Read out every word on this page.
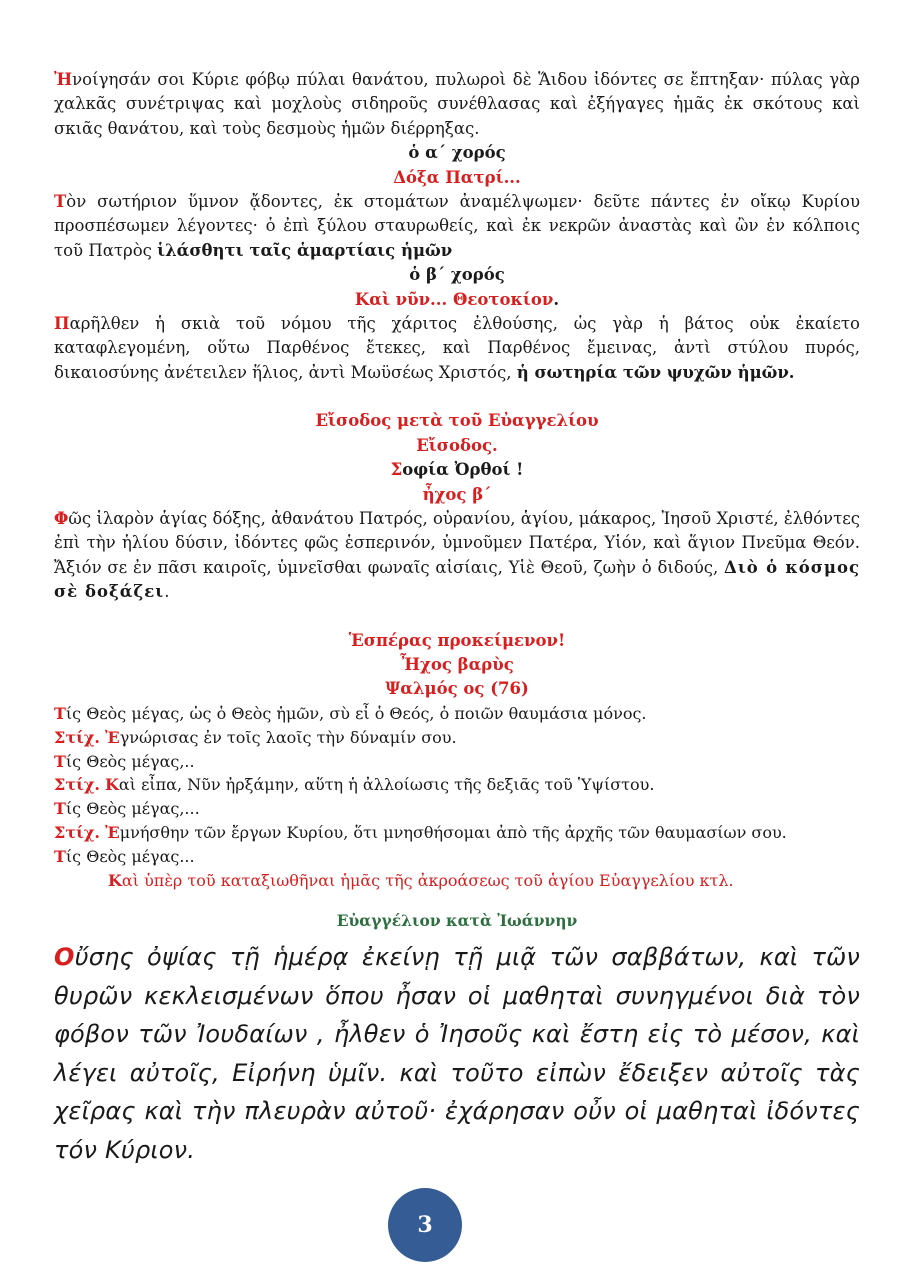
Ἠνοίγησάν σοι Κύριε φόβῳ πύλαι θανάτου, πυλωροὶ δὲ Ἅιδου ἰδόντες σε ἔπτηξαν· πύλας γὰρ χαλκᾶς συνέτριψας καὶ μοχλοὺς σιδηροῦς συνέθλασας καὶ ἐξήγαγες ἡμᾶς ἐκ σκότους καὶ σκιᾶς θανάτου, καὶ τοὺς δεσμοὺς ἡμῶν διέρρηξας.

ὁ α΄ χορός

Δόξα Πατρί...

Τὸν σωτήριον ὕμνον ᾄδοντες, ἐκ στομάτων ἀναμέλψωμεν· δεῦτε πάντες ἐν οἴκῳ Κυρίου προσπέσωμεν λέγοντες· ὁ ἐπὶ ξύλου σταυρωθείς, καὶ ἐκ νεκρῶν ἀναστὰς καὶ ὢν ἐν κόλποις τοῦ Πατρὸς ἱλάσθητι ταῖς ἁμαρτίαις ἡμῶν

ὁ β΄ χορός

Καὶ νῦν... Θεοτοκίον.

Παρῆλθεν ἡ σκιὰ τοῦ νόμου τῆς χάριτος ἐλθούσης, ὡς γὰρ ἡ βάτος οὐκ ἐκαίετο καταφλεγομένη, οὕτω Παρθένος ἔτεκες, καὶ Παρθένος ἔμεινας, ἀντὶ στύλου πυρός, δικαιοσύνης ἀνέτειλεν ἥλιος, ἀντὶ Μωϋσέως Χριστός, ἡ σωτηρία τῶν ψυχῶν ἡμῶν.

Εἴσοδος μετὰ τοῦ Εὐαγγελίου

Εἴσοδος.

Σοφία Ὀρθοί !

ἦχος β΄

Φῶς ἱλαρὸν ἁγίας δόξης, ἀθανάτου Πατρός, οὐρανίου, ἁγίου, μάκαρος, Ἰησοῦ Χριστέ, ἐλθόντες ἐπὶ τὴν ἡλίου δύσιν, ἰδόντες φῶς ἑσπερινόν, ὑμνοῦμεν Πατέρα, Υἱόν, καὶ ἅγιον Πνεῦμα Θεόν. Ἄξιόν σε ἐν πᾶσι καιροῖς, ὑμνεῖσθαι φωναῖς αἰσίαις, Υἱὲ Θεοῦ, ζωὴν ὁ διδούς, Διὸ ὁ κόσμος σὲ δοξάζει.

Ἑσπέρας προκείμενον!

Ἦχος βαρὺς

Ψαλμός ος (76)

Τίς Θεὸς μέγας, ὡς ὁ Θεὸς ἡμῶν, σὺ εἶ ὁ Θεός, ὁ ποιῶν θαυμάσια μόνος.

Στίχ. Ἐγνώρισας ἐν τοῖς λαοῖς τὴν δύναμίν σου.

Τίς Θεὸς μέγας,..

Στίχ. Καὶ εἶπα, Νῦν ἠρξάμην, αὕτη ἡ ἀλλοίωσις τῆς δεξιᾶς τοῦ Ὑψίστου.

Τίς Θεὸς μέγας,...

Στίχ. Ἐμνήσθην τῶν ἔργων Κυρίου, ὅτι μνησθήσομαι ἀπὸ τῆς ἀρχῆς τῶν θαυμασίων σου.

Τίς Θεὸς μέγας...

Καὶ ὑπὲρ τοῦ καταξιωθῆναι ἡμᾶς τῆς ἀκροάσεως τοῦ ἁγίου Εὐαγγελίου κτλ.

Εὐαγγέλιον κατὰ Ἰωάννην
Οὔσης ὀψίας τῇ ἡμέρᾳ ἐκείνῃ τῇ μιᾷ τῶν σαββάτων, καὶ τῶν θυρῶν κεκλεισμένων ὅπου ἦσαν οἱ μαθηταὶ συνηγμένοι διὰ τὸν φόβον τῶν Ἰουδαίων , ἦλθεν ὁ Ἰησοῦς καὶ ἔστη εἰς τὸ μέσον, καὶ λέγει αὐτοῖς, Εἰρήνη ὑμῖν. καὶ τοῦτο εἰπὼν ἔδειξεν αὐτοῖς τὰς χεῖρας καὶ τὴν πλευρὰν αὐτοῦ· ἐχάρησαν οὖν οἱ μαθηταὶ ἰδόντες τόν Κύριον.
3
